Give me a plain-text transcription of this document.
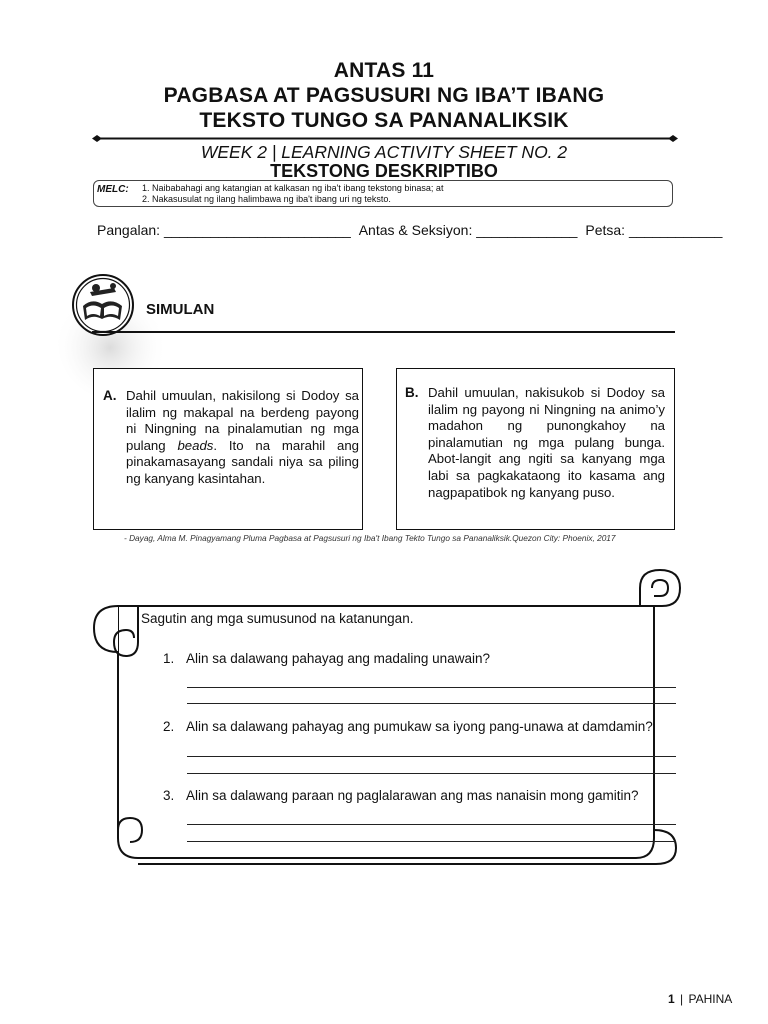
ANTAS 11
PAGBASA AT PAGSUSURI NG IBA’T IBANG
TEKSTO TUNGO SA PANANALIKSIK
WEEK 2 | LEARNING ACTIVITY SHEET NO. 2
TEKSTONG DESKRIPTIBO
MELC: 1. Naibabahagi ang katangian at kalkasan ng iba't ibang tekstong binasa; at
2. Nakasusulat ng ilang halimbawa ng iba't ibang uri ng teksto.
Pangalan: ________________________ Antas & Seksiyon: _____________ Petsa: ____________
SIMULAN
A. Dahil umuulan, nakisilong si Dodoy sa ilalim ng makapal na berdeng payong ni Ningning na pinalamutian ng mga pulang beads. Ito na marahil ang pinakamasayang sandali niya sa piling ng kanyang kasintahan.
B. Dahil umuulan, nakisukob si Dodoy sa ilalim ng payong ni Ningning na animo’y madahon ng punongkahoy na pinalamutian ng mga pulang bunga. Abot-langit ang ngiti sa kanyang mga labi sa pagkakataong ito kasama ang nagpapatibok ng kanyang puso.
- Dayag, Alma M. Pinagyamang Pluma Pagbasa at Pagsusuri ng Iba't Ibang Tekto Tungo sa Pananaliksik.Quezon City: Phoenix, 2017
Sagutin ang mga sumusunod na katanungan.
1. Alin sa dalawang pahayag ang madaling unawain?
2. Alin sa dalawang pahayag ang pumukaw sa iyong pang-unawa at damdamin?
3. Alin sa dalawang paraan ng paglalarawan ang mas nanaisin mong gamitin?
1 | PAHINA
